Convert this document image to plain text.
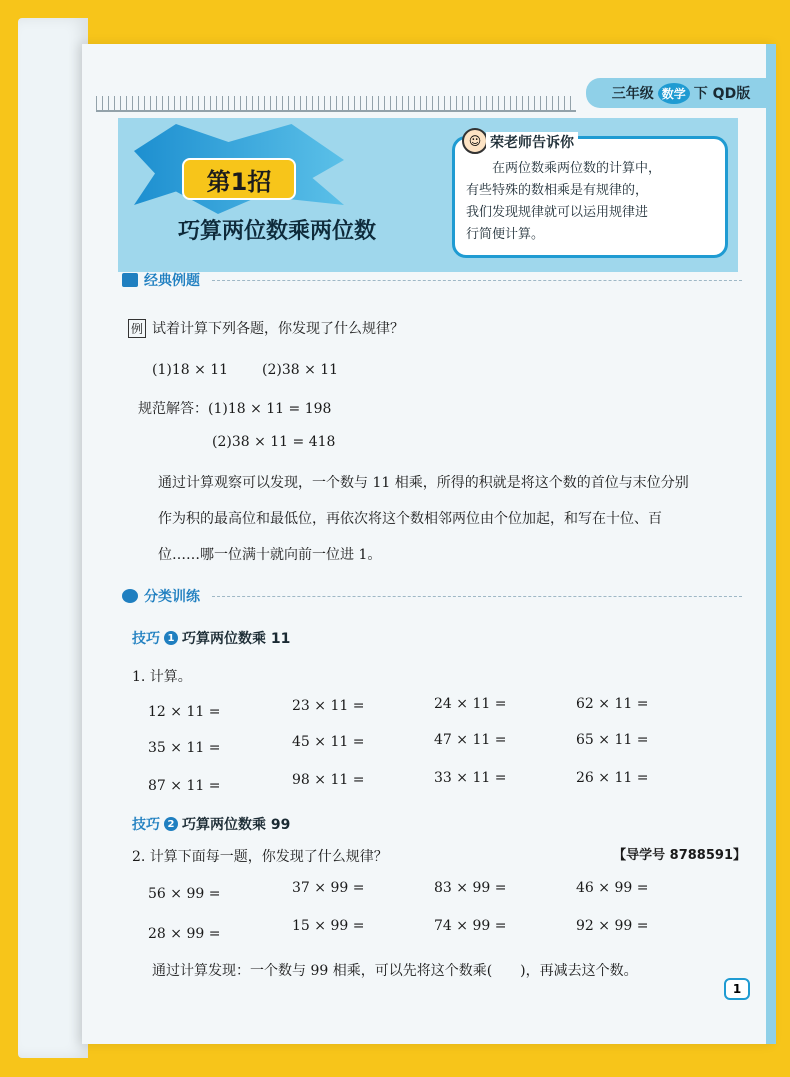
三年级 数学 下 QD版
第1招
巧算两位数乘两位数
☺ 荣老师告诉你
在两位数乘两位数的计算中，
有些特殊的数相乘是有规律的，
我们发现规律就可以运用规律进
行简便计算。
经典例题
例 试着计算下列各题，你发现了什么规律？
(1)18 × 11 (2)38 × 11
规范解答：(1)18 × 11 = 198
(2)38 × 11 = 418
通过计算观察可以发现，一个数与 11 相乘，所得的积就是将这个数的首位与末位分别
作为积的最高位和最低位，再依次将这个数相邻两位由个位加起，和写在十位、百
位……哪一位满十就向前一位进 1。
分类训练
技巧 1 巧算两位数乘 11
1. 计算。
12 × 11 =	23 × 11 =	24 × 11 =	62 × 11 =
35 × 11 =	45 × 11 =	47 × 11 =	65 × 11 =
87 × 11 =	98 × 11 =	33 × 11 =	26 × 11 =
技巧 2 巧算两位数乘 99
2. 计算下面每一题，你发现了什么规律？	【导学号 8788591】
56 × 99 =	37 × 99 =	83 × 99 =	46 × 99 =
28 × 99 =	15 × 99 =	74 × 99 =	92 × 99 =
通过计算发现：一个数与 99 相乘，可以先将这个数乘(　　)，再减去这个数。
1
